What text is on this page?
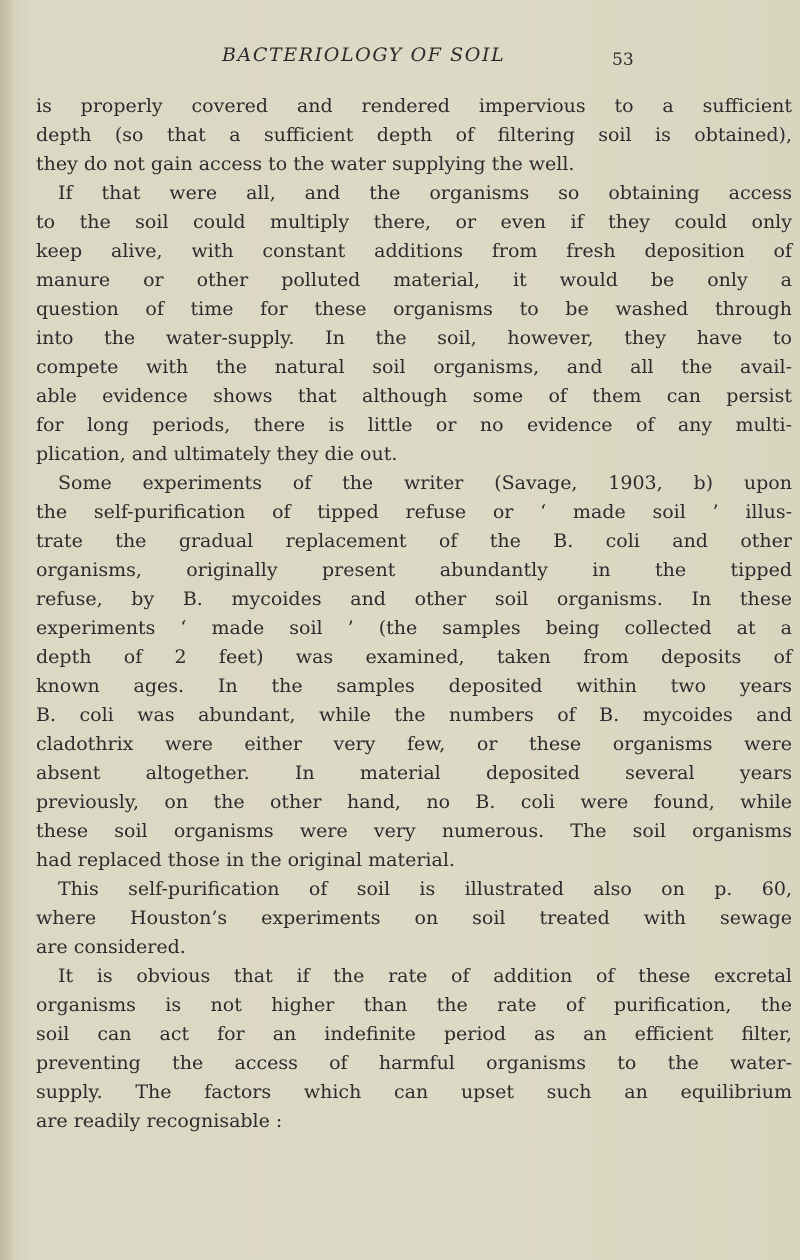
BACTERIOLOGY OF SOIL	53
is properly covered and rendered impervious to a sufficient
depth (so that a sufficient depth of filtering soil is obtained),
they do not gain access to the water supplying the well.
If that were all, and the organisms so obtaining access
to the soil could multiply there, or even if they could only
keep alive, with constant additions from fresh deposition of
manure or other polluted material, it would be only a
question of time for these organisms to be washed through
into the water-supply. In the soil, however, they have to
compete with the natural soil organisms, and all the avail-
able evidence shows that although some of them can persist
for long periods, there is little or no evidence of any multi-
plication, and ultimately they die out.
Some experiments of the writer (Savage, 1903, b) upon
the self-purification of tipped refuse or ‘ made soil ’ illus-
trate the gradual replacement of the B. coli and other
organisms, originally present abundantly in the tipped
refuse, by B. mycoides and other soil organisms. In these
experiments ‘ made soil ’ (the samples being collected at a
depth of 2 feet) was examined, taken from deposits of
known ages. In the samples deposited within two years
B. coli was abundant, while the numbers of B. mycoides and
cladothrix were either very few, or these organisms were
absent altogether. In material deposited several years
previously, on the other hand, no B. coli were found, while
these soil organisms were very numerous. The soil organisms
had replaced those in the original material.
This self-purification of soil is illustrated also on p. 60,
where Houston’s experiments on soil treated with sewage
are considered.
It is obvious that if the rate of addition of these excretal
organisms is not higher than the rate of purification, the
soil can act for an indefinite period as an efficient filter,
preventing the access of harmful organisms to the water-
supply. The factors which can upset such an equilibrium
are readily recognisable :
